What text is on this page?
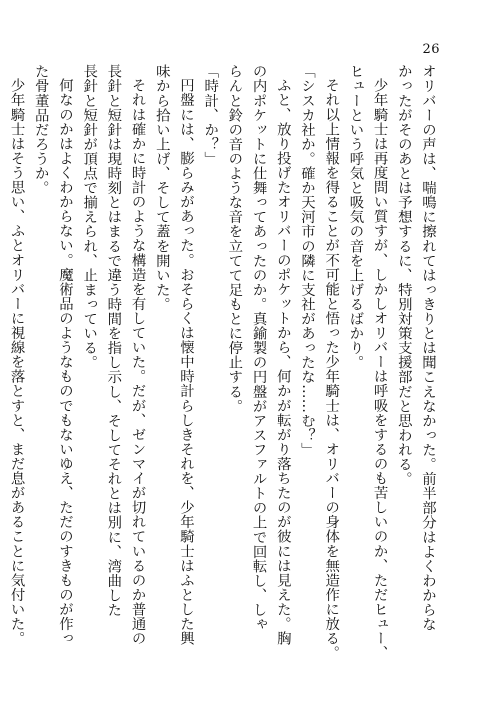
26

オリバーの声は、喘鳴に擦れてはっきりとは聞こえなかった。前半部分はよくわからな

かったがそのあとは予想するに、特別対策支援部だと思われる。

少年騎士は再度問い質すが、しかしオリバーは呼吸をするのも苦しいのか、ただヒュー、

ヒューという呼気と吸気の音を上げるばかり。

それ以上情報を得ることが不可能と悟った少年騎士は、オリバーの身体を無造作に放る。

「シスカ社か。確か天河市の隣に支社があったな……む？」

ふと、放り投げたオリバーのポケットから、何かが転がり落ちたのが彼には見えた。胸

の内ポケットに仕舞ってあったのか。真鍮製の円盤がアスファルトの上で回転し、しゃ

らんと鈴の音のような音を立てて足もとに停止する。

「時計、か？」

円盤には、膨らみがあった。おそらくは懐中時計らしきそれを、少年騎士はふとした興

味から拾い上げ、そして蓋を開いた。

それは確かに時計のような構造を有していた。だが、ゼンマイが切れているのか普通の

長針と短針は現時刻とはまるで違う時間を指し示し、そしてそれとは別に、湾曲した

長針と短針が頂点で揃えられ、止まっている。

何なのかはよくわからない。魔術品のようなものでもないゆえ、ただのすきものが作っ

た骨董品だろうか。

少年騎士はそう思い、ふとオリバーに視線を落とすと、まだ息があることに気付いた。
